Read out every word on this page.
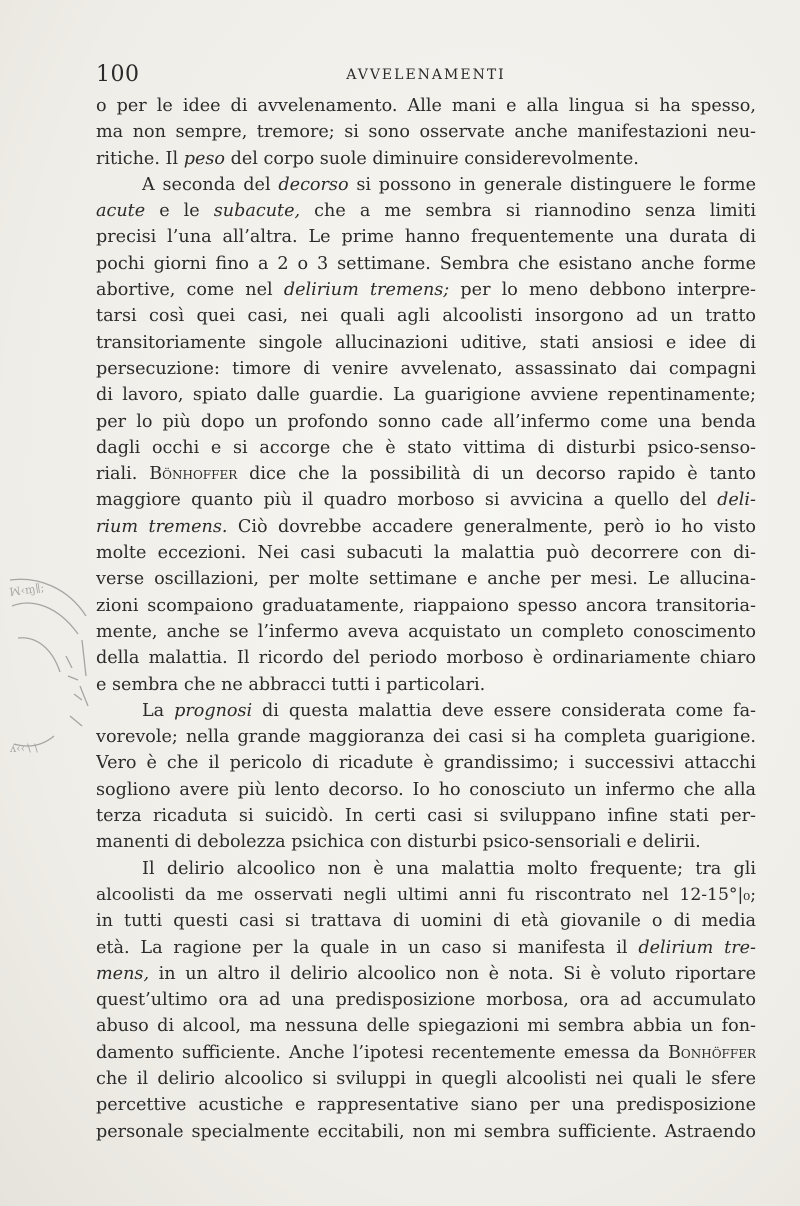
100	AVVELENAMENTI
o per le idee di avvelenamento. Alle mani e alla lingua si ha spesso,
ma non sempre, tremore; si sono osservate anche manifestazioni neu-
ritiche. Il peso del corpo suole diminuire considerevolmente.
A seconda del decorso si possono in generale distinguere le forme
acute e le subacute, che a me sembra si riannodino senza limiti
precisi l’una all’altra. Le prime hanno frequentemente una durata di
pochi giorni fino a 2 o 3 settimane. Sembra che esistano anche forme
abortive, come nel delirium tremens; per lo meno debbono interpre-
tarsi così quei casi, nei quali agli alcoolisti insorgono ad un tratto
transitoriamente singole allucinazioni uditive, stati ansiosi e idee di
persecuzione: timore di venire avvelenato, assassinato dai compagni
di lavoro, spiato dalle guardie. La guarigione avviene repentinamente;
per lo più dopo un profondo sonno cade all’infermo come una benda
dagli occhi e si accorge che è stato vittima di disturbi psico-senso-
riali. Bönhoffer dice che la possibilità di un decorso rapido è tanto
maggiore quanto più il quadro morboso si avvicina a quello del deli-
rium tremens. Ciò dovrebbe accadere generalmente, però io ho visto
molte eccezioni. Nei casi subacuti la malattia può decorrere con di-
verse oscillazioni, per molte settimane e anche per mesi. Le allucina-
zioni scompaiono graduatamente, riappaiono spesso ancora transitoria-
mente, anche se l’infermo aveva acquistato un completo conoscimento
della malattia. Il ricordo del periodo morboso è ordinariamente chiaro
e sembra che ne abbracci tutti i particolari.
La prognosi di questa malattia deve essere considerata come fa-
vorevole; nella grande maggioranza dei casi si ha completa guarigione.
Vero è che il pericolo di ricadute è grandissimo; i successivi attacchi
sogliono avere più lento decorso. Io ho conosciuto un infermo che alla
terza ricaduta si suicidò. In certi casi si sviluppano infine stati per-
manenti di debolezza psichica con disturbi psico-sensoriali e delirii.
Il delirio alcoolico non è una malattia molto frequente; tra gli
alcoolisti da me osservati negli ultimi anni fu riscontrato nel 12-15°|₀;
in tutti questi casi si trattava di uomini di età giovanile o di media
età. La ragione per la quale in un caso si manifesta il delirium tre-
mens, in un altro il delirio alcoolico non è nota. Si è voluto riportare
quest’ultimo ora ad una predisposizione morbosa, ora ad accumulato
abuso di alcool, ma nessuna delle spiegazioni mi sembra abbia un fon-
damento sufficiente. Anche l’ipotesi recentemente emessa da Bonhöffer
che il delirio alcoolico si sviluppi in quegli alcoolisti nei quali le sfere
percettive acustiche e rappresentative siano per una predisposizione
personale specialmente eccitabili, non mi sembra sufficiente. Astraendo
ꟽ‹ɱ∥;
ʎ‹‹∖∖
